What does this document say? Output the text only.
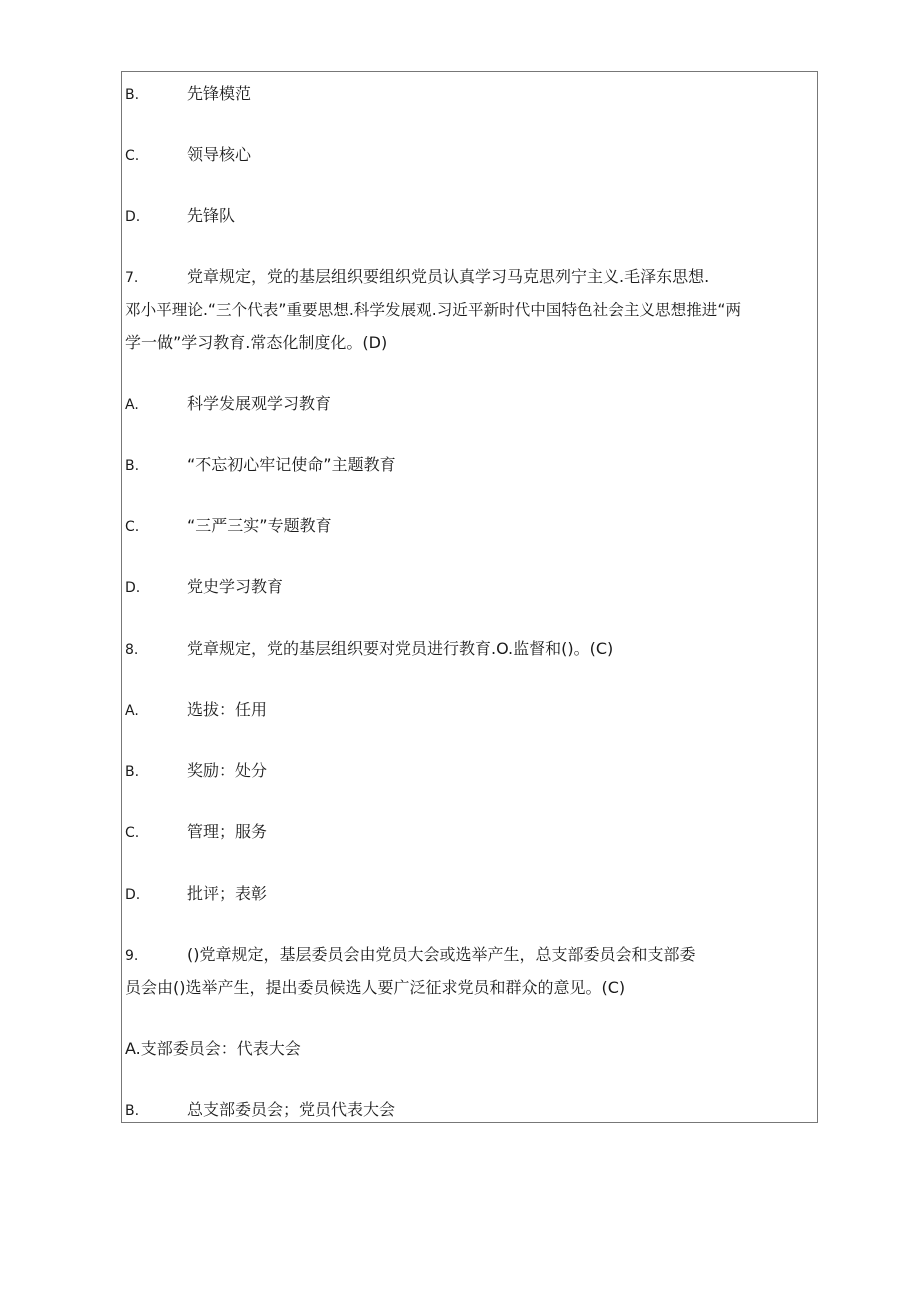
B.	先锋模范
C.	领导核心
D.	先锋队
7.	党章规定，党的基层组织要组织党员认真学习马克思列宁主义.毛泽东思想.
邓小平理论.“三个代表”重要思想.科学发展观.习近平新时代中国特色社会主义思想推进“两
学一做”学习教育.常态化制度化。(D)
A.	科学发展观学习教育
B.	“不忘初心牢记使命”主题教育
C.	“三严三实”专题教育
D.	党史学习教育
8.	党章规定，党的基层组织要对党员进行教育.O.监督和()。(C)
A.	选拔：任用
B.	奖励：处分
C.	管理；服务
D.	批评；表彰
9.	()党章规定，基层委员会由党员大会或选举产生，总支部委员会和支部委
员会由()选举产生，提出委员候选人要广泛征求党员和群众的意见。(C)
A.支部委员会：代表大会
B.	总支部委员会；党员代表大会
